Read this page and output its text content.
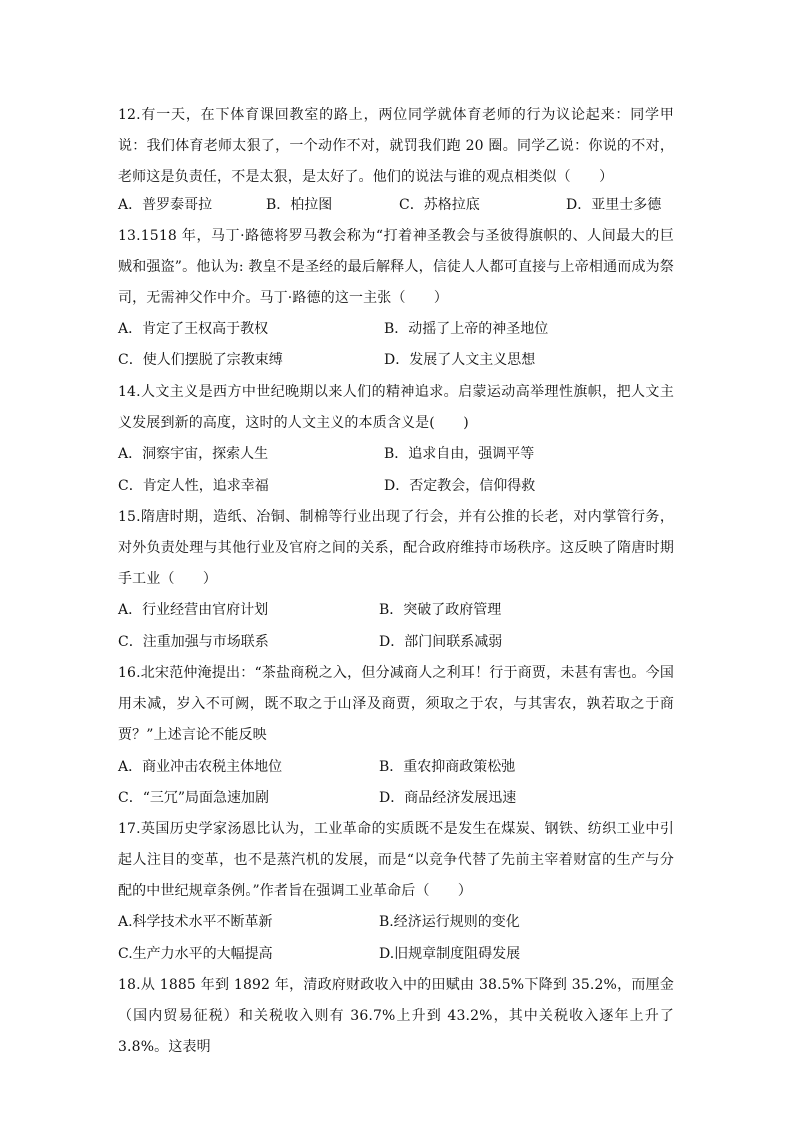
12.有一天，在下体育课回教室的路上，两位同学就体育老师的行为议论起来：同学甲说：我们体育老师太狠了，一个动作不对，就罚我们跑 20 圈。同学乙说：你说的不对，老师这是负责任，不是太狠，是太好了。他们的说法与谁的观点相类似（　　）
A．普罗泰哥拉	B．柏拉图	C．苏格拉底	D．亚里士多德
13.1518 年，马丁·路德将罗马教会称为“打着神圣教会与圣彼得旗帜的、人间最大的巨贼和强盗”。他认为: 教皇不是圣经的最后解释人，信徒人人都可直接与上帝相通而成为祭司，无需神父作中介。马丁·路德的这一主张（　　）
A．肯定了王权高于教权	B．动摇了上帝的神圣地位
C．使人们摆脱了宗教束缚	D．发展了人文主义思想
14.人文主义是西方中世纪晚期以来人们的精神追求。启蒙运动高举理性旗帜，把人文主义发展到新的高度，这时的人文主义的本质含义是(　　)
A．洞察宇宙，探索人生	B．追求自由，强调平等
C．肯定人性，追求幸福	D．否定教会，信仰得救
15.隋唐时期，造纸、冶铜、制棉等行业出现了行会，并有公推的长老，对内掌管行务，对外负责处理与其他行业及官府之间的关系，配合政府维持市场秩序。这反映了隋唐时期手工业（　　）
A．行业经营由官府计划	B．突破了政府管理
C．注重加强与市场联系	D．部门间联系减弱
16.北宋范仲淹提出：“茶盐商税之入，但分减商人之利耳！行于商贾，未甚有害也。今国用未减，岁入不可阙，既不取之于山泽及商贾，须取之于农，与其害农，孰若取之于商贾？”上述言论不能反映
A．商业冲击农税主体地位	B．重农抑商政策松弛
C．“三冗”局面急速加剧	D．商品经济发展迅速
17.英国历史学家汤恩比认为，工业革命的实质既不是发生在煤炭、钢铁、纺织工业中引起人注目的变革，也不是蒸汽机的发展，而是“以竞争代替了先前主宰着财富的生产与分配的中世纪规章条例。”作者旨在强调工业革命后（　　）
A.科学技术水平不断革新	B.经济运行规则的变化
C.生产力水平的大幅提高	D.旧规章制度阻碍发展
18.从 1885 年到 1892 年，清政府财政收入中的田赋由 38.5%下降到 35.2%，而厘金（国内贸易征税）和关税收入则有 36.7%上升到 43.2%，其中关税收入逐年上升了 3.8%。这表明
